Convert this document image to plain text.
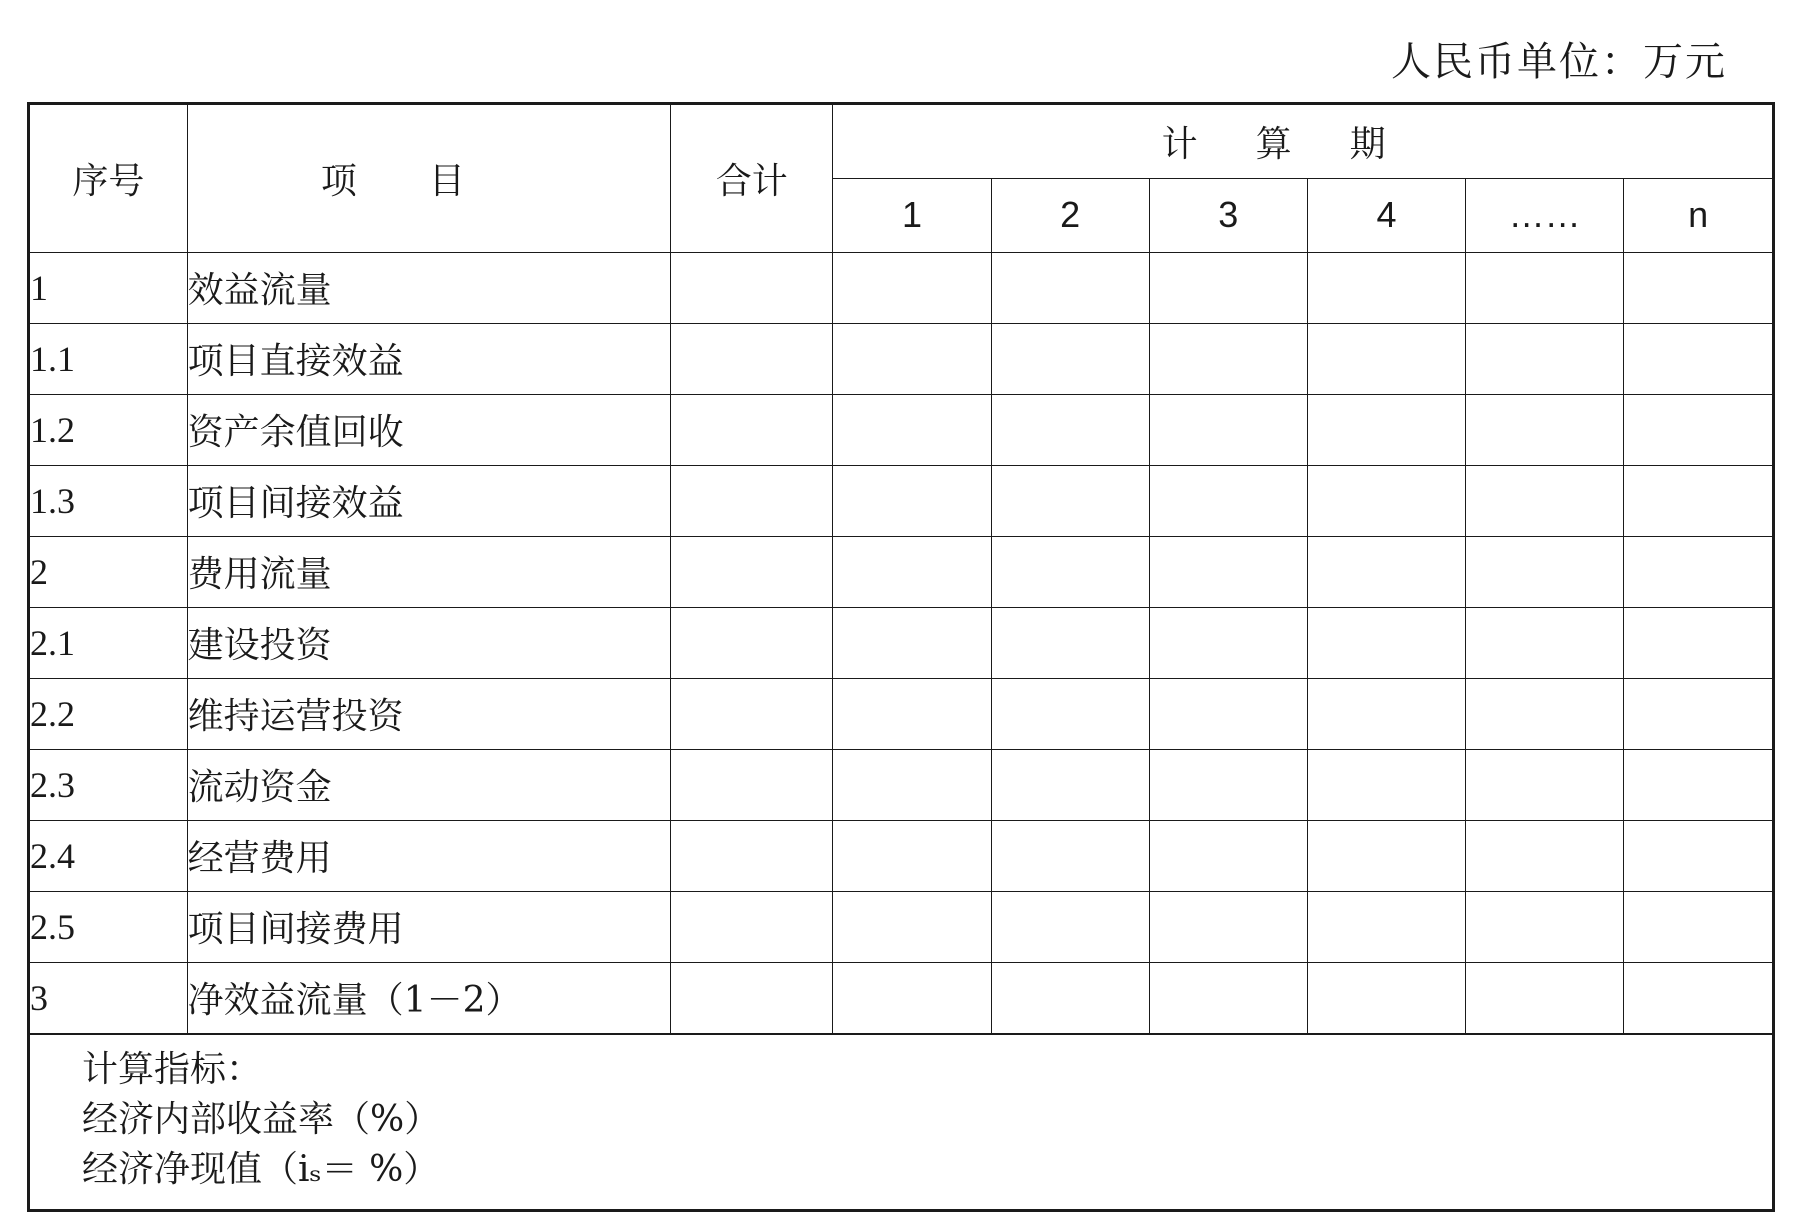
人民币单位：万元
序号	项目	合计	计算期					
			1	2	3	4	……	n
1	效益流量							
1.1	项目直接效益							
1.2	资产余值回收							
1.3	项目间接效益							
2	费用流量							
2.1	建设投资							
2.2	维持运营投资							
2.3	流动资金							
2.4	经营费用							
2.5	项目间接费用							
3	净效益流量（1－2）							
计算指标：
经济内部收益率（%）
经济净现值（iₛ＝ %）
